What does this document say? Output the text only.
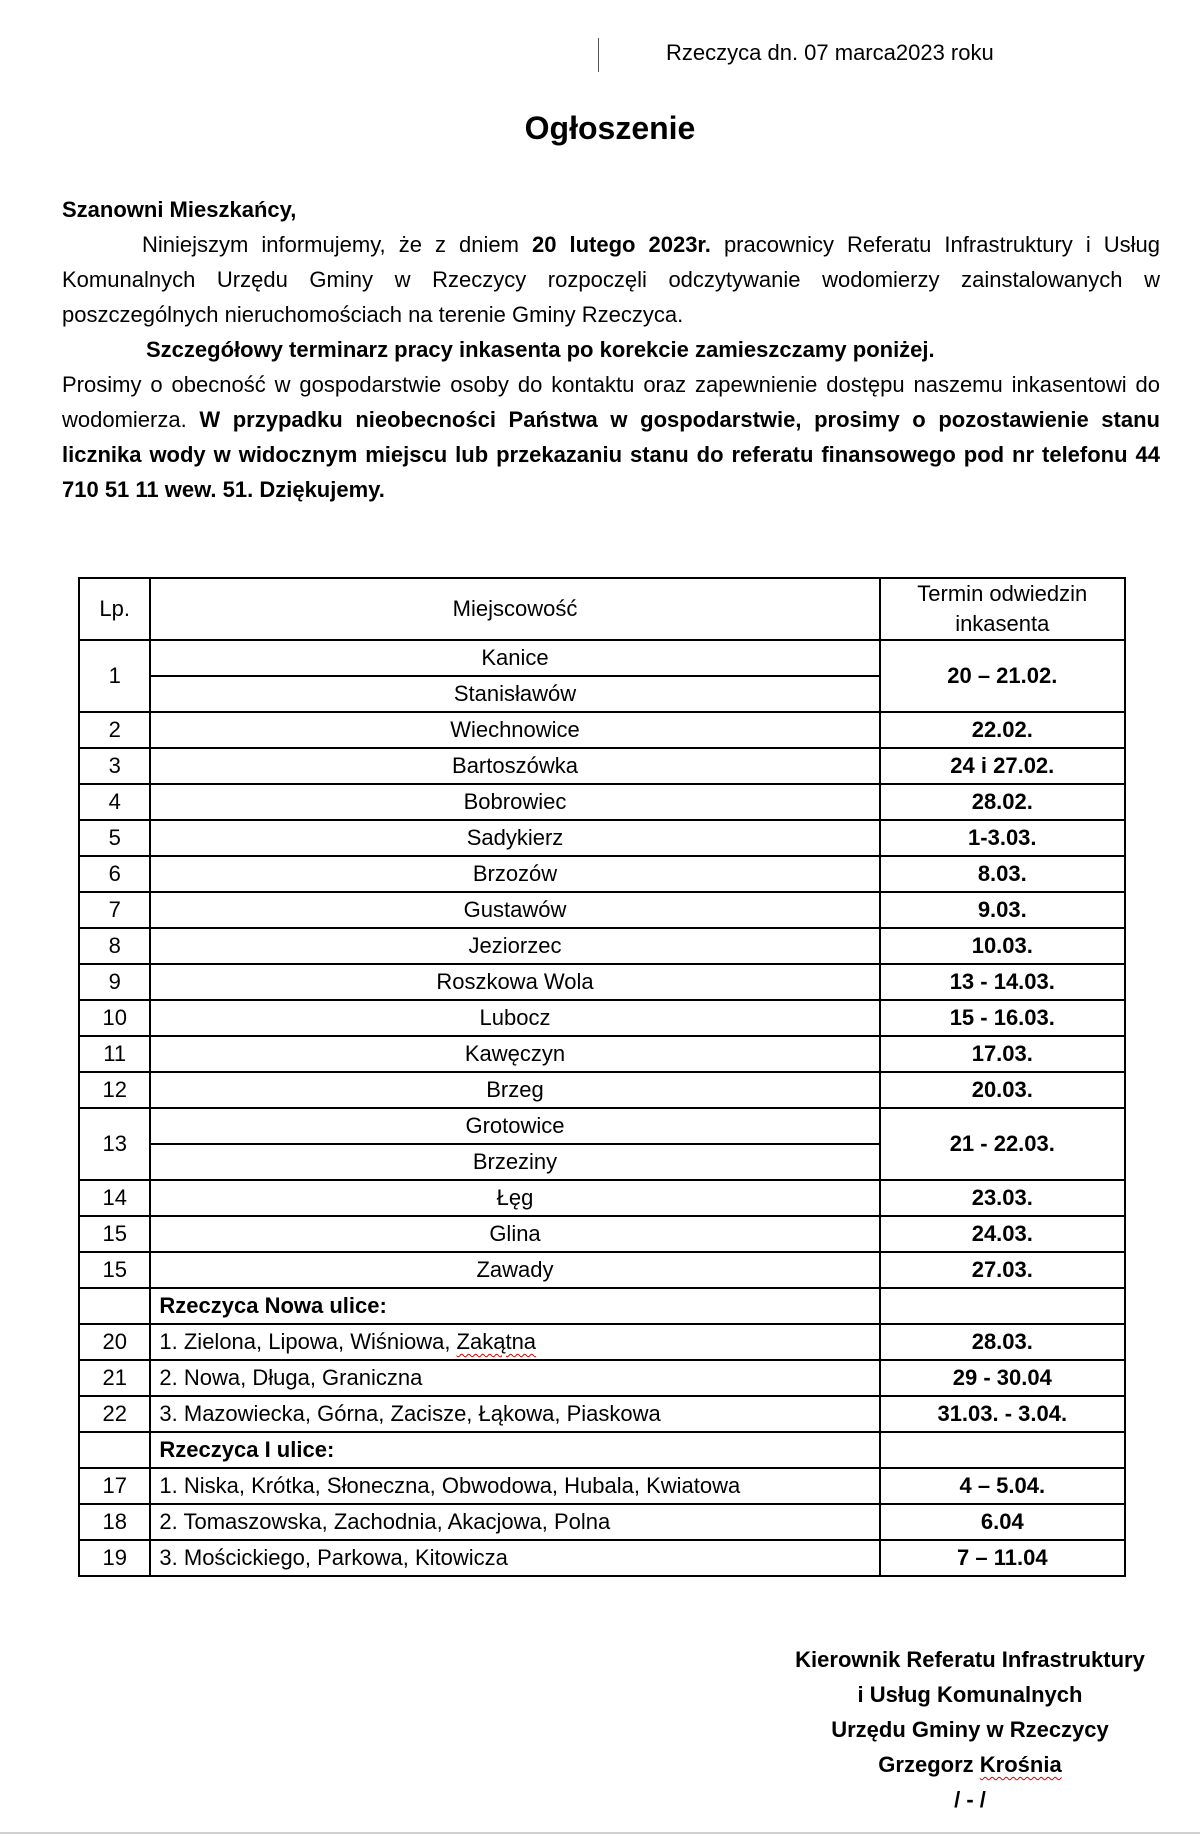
Rzeczyca dn. 07 marca2023 roku
Ogłoszenie

Szanowni Mieszkańcy,

Niniejszym informujemy, że z dniem 20 lutego 2023r. pracownicy Referatu Infrastruktury i Usług Komunalnych Urzędu Gminy w Rzeczycy rozpoczęli odczytywanie wodomierzy zainstalowanych w poszczególnych nieruchomościach na terenie Gminy Rzeczyca.

Szczegółowy terminarz pracy inkasenta po korekcie zamieszczamy poniżej.

Prosimy o obecność w gospodarstwie osoby do kontaktu oraz zapewnienie dostępu naszemu inkasentowi do wodomierza. W przypadku nieobecności Państwa w gospodarstwie, prosimy o pozostawienie stanu licznika wody w widocznym miejscu lub przekazaniu stanu do referatu finansowego pod nr telefonu 44 710 51 11 wew. 51. Dziękujemy.

Lp.	Miejscowość	Termin odwiedzin
inkasenta
1	Kanice	20 – 21.02.
	Stanisławów	
2	Wiechnowice	22.02.
3	Bartoszówka	24 i 27.02.
4	Bobrowiec	28.02.
5	Sadykierz	1-3.03.
6	Brzozów	8.03.
7	Gustawów	9.03.
8	Jeziorzec	10.03.
9	Roszkowa Wola	13 - 14.03.
10	Lubocz	15 - 16.03.
11	Kawęczyn	17.03.
12	Brzeg	20.03.
13	Grotowice	21 - 22.03.
	Brzeziny	
14	Łęg	23.03.
15	Glina	24.03.
15	Zawady	27.03.
	Rzeczyca Nowa ulice:	
20	1. Zielona, Lipowa, Wiśniowa, Zakątna	28.03.
21	2. Nowa, Długa, Graniczna	29 - 30.04
22	3. Mazowiecka, Górna, Zacisze, Łąkowa, Piaskowa	31.03. - 3.04.
	Rzeczyca I ulice:	
17	1. Niska, Krótka, Słoneczna, Obwodowa, Hubala, Kwiatowa	4 – 5.04.
18	2. Tomaszowska, Zachodnia, Akacjowa, Polna	6.04
19	3. Mościckiego, Parkowa, Kitowicza	7 – 11.04
Kierownik Referatu Infrastruktury
i Usług Komunalnych
Urzędu Gminy w Rzeczycy
Grzegorz Krośnia
/ - /
